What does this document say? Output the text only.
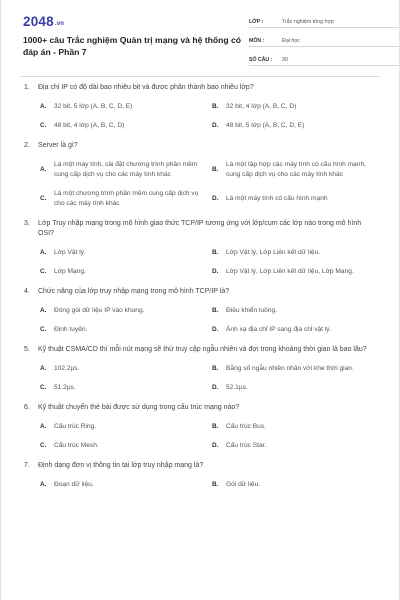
2048.vn
1000+ câu Trắc nghiệm Quản trị mạng và hệ thống có đáp án - Phần 7
LỚP :	Trắc nghiệm tổng hợp
MÔN :	Đại học
SỐ CÂU : 30
1.	Địa chỉ IP có độ dài bao nhiêu bit và được phân thành bao nhiêu lớp?
A.	32 bit, 5 lớp (A, B, C, D, E)	B.	32 bit, 4 lớp (A, B, C, D)
C.	48 bit, 4 lớp (A, B, C, D)	D.	48 bit, 5 lớp (A, B, C, D, E)
2.	Server là gì?
A.
Là một máy tính, cài đặt chương trình phần mềm cung cấp dịch vụ cho các máy tính khác
B.
Là một tập hợp các máy tính có cấu hình mạnh, cung cấp dịch vụ cho các máy tính khác
C.
Là một chương trình phần mềm cung cấp dịch vụ cho các máy tính khác
D.	Là một máy tính có cấu hình mạnh
3.	Lớp Truy nhập mạng trong mô hình giao thức TCP/IP tương ứng với lớp/cụm các lớp nào trong mô hình OSI?
A.	Lớp Vật lý.	B.	Lớp Vật lý, Lớp Liên kết dữ liệu.
C.	Lớp Mạng.	D.	Lớp Vật lý, Lớp Liên kết dữ liệu, Lớp Mạng.
4.	Chức năng của lớp truy nhập mạng trong mô hình TCP/IP là?
A.	Đóng gói dữ liệu IP vào khung.	B.	Điều khiển luồng.
C.	Định tuyến.	D.	Ánh xạ địa chỉ IP sang địa chỉ vật lý.
5.	Kỹ thuật CSMA/CD thì mỗi nút mạng sẽ thử truy cập ngẫu nhiên và đợi trong khoảng thời gian là bao lâu?
A.	102.2µs.	B.	Bằng số ngẫu nhiên nhân với khe thời gian.
C.	51.2µs.	D.	52.1µs.
6.	Kỹ thuật chuyển thẻ bài được sử dụng trong cấu trúc mạng nào?
A.	Cấu trúc Ring.	B.	Cấu trúc Bus.
C.	Cấu trúc Mesh.	D.	Cấu trúc Star.
7.	Định dạng đơn vị thông tin tại lớp truy nhập mạng là?
A.	Đoạn dữ liệu.	B.	Gói dữ liệu.
